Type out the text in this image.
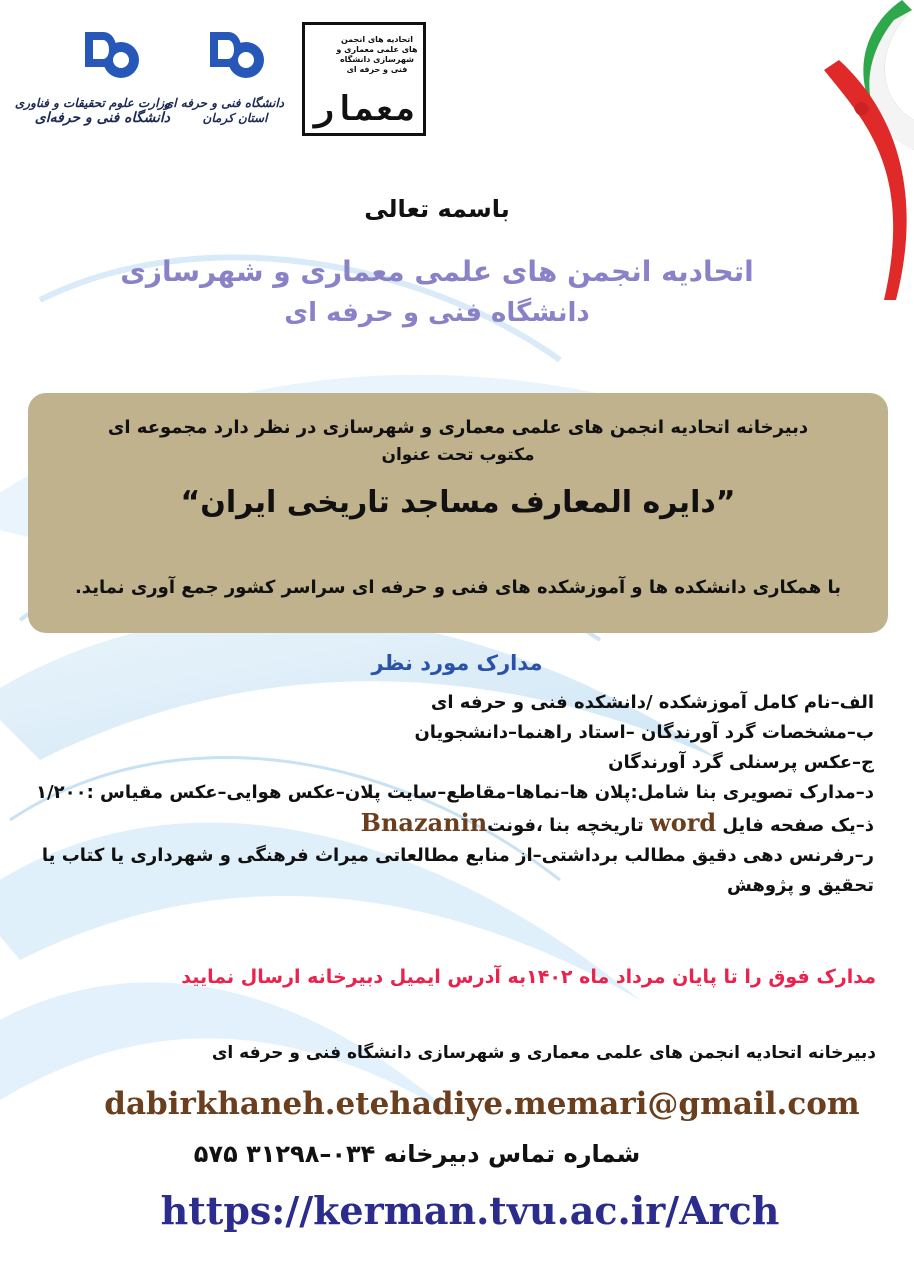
وزارت علوم تحقیقات و فناوری
دانشگاه فنی و حرفه‌ای
دانشگاه فنی و حرفه ای
استان کرمان
اتحادیه های انجمن های علمی معماری و شهرسازی دانشگاه فنی و حرفه ای
معمار
باسمه تعالی
اتحادیه انجمن های علمی معماری و شهرسازی
دانشگاه فنی و حرفه ای
دبیرخانه اتحادیه انجمن های علمی معماری و شهرسازی در نظر دارد مجموعه ای
مکتوب تحت عنوان
”دایره المعارف مساجد تاریخی ایران“
با همکاری دانشکده ها و آموزشکده های فنی و حرفه ای سراسر کشور جمع آوری نماید.
مدارک مورد نظر
الف–نام کامل آموزشکده /دانشکده فنی و حرفه ای
ب–مشخصات گرد آورندگان –استاد راهنما–دانشجویان
ج–عکس پرسنلی گرد آورندگان
د–مدارک تصویری بنا شامل:پلان ها–نماها–مقاطع–سایت پلان–عکس هوایی–عکس مقیاس :۱/۲۰۰
ذ–یک صفحه فایل word تاریخچه بنا ،فونتBnazanin
ر–رفرنس دهی دقیق مطالب برداشتی–از منابع مطالعاتی میراث فرهنگی و شهرداری یا کتاب یا تحقیق و پژوهش
مدارک فوق را تا پایان مرداد ماه ۱۴۰۲به آدرس ایمیل دبیرخانه ارسال نمایید
دبیرخانه اتحادیه انجمن های علمی معماری و شهرسازی دانشگاه فنی و حرفه ای
dabirkhaneh.etehadiye.memari@gmail.com
شماره تماس دبیرخانه ۰۳۴–۳۱۲۹۸ ۵۷۵
https://kerman.tvu.ac.ir/Arch
